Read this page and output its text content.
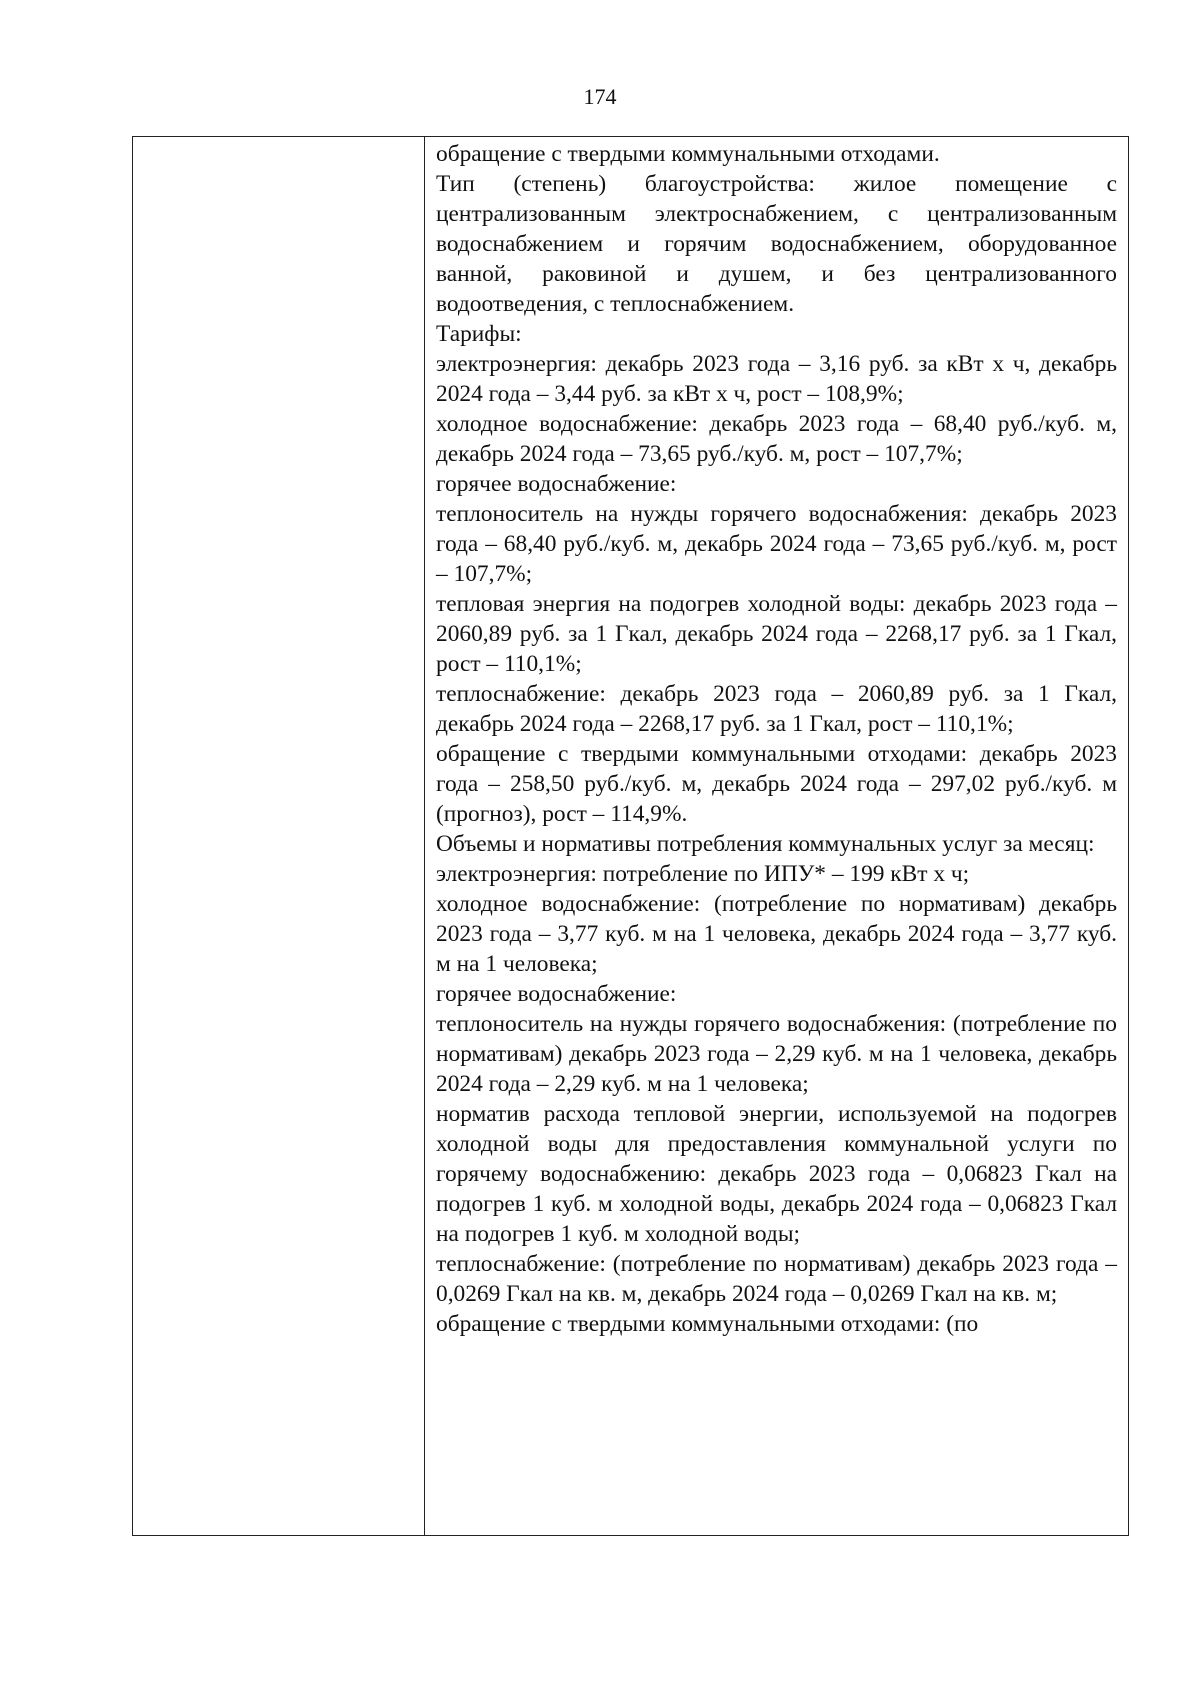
174

обращение с твердыми коммунальными отходами.

Тип (степень) благоустройства: жилое помещение с централизованным электроснабжением, с централизованным водоснабжением и горячим водоснабжением, оборудованное ванной, раковиной и душем, и без централизованного водоотведения, с теплоснабжением.

Тарифы:

электроэнергия: декабрь 2023 года – 3,16 руб. за кВт х ч, декабрь 2024 года – 3,44 руб. за кВт х ч, рост – 108,9%;

холодное водоснабжение: декабрь 2023 года – 68,40 руб./куб. м, декабрь 2024 года – 73,65 руб./куб. м, рост – 107,7%;

горячее водоснабжение:

теплоноситель на нужды горячего водоснабжения: декабрь 2023 года – 68,40 руб./куб. м, декабрь 2024 года – 73,65 руб./куб. м, рост – 107,7%;

тепловая энергия на подогрев холодной воды: декабрь 2023 года – 2060,89 руб. за 1 Гкал, декабрь 2024 года – 2268,17 руб. за 1 Гкал, рост – 110,1%;

теплоснабжение: декабрь 2023 года – 2060,89 руб. за 1 Гкал, декабрь 2024 года – 2268,17 руб. за 1 Гкал, рост – 110,1%;

обращение с твердыми коммунальными отходами: декабрь 2023 года – 258,50 руб./куб. м, декабрь 2024 года – 297,02 руб./куб. м (прогноз), рост – 114,9%.

Объемы и нормативы потребления коммунальных услуг за месяц:

электроэнергия: потребление по ИПУ* – 199 кВт х ч;

холодное водоснабжение: (потребление по нормативам) декабрь 2023 года – 3,77 куб. м на 1 человека, декабрь 2024 года – 3,77 куб. м на 1 человека;

горячее водоснабжение:

теплоноситель на нужды горячего водоснабжения: (потребление по нормативам) декабрь 2023 года – 2,29 куб. м на 1 человека, декабрь 2024 года – 2,29 куб. м на 1 человека;

норматив расхода тепловой энергии, используемой на подогрев холодной воды для предоставления коммунальной услуги по горячему водоснабжению: декабрь 2023 года – 0,06823 Гкал на подогрев 1 куб. м холодной воды, декабрь 2024 года – 0,06823 Гкал на подогрев 1 куб. м холодной воды;

теплоснабжение: (потребление по нормативам) декабрь 2023 года – 0,0269 Гкал на кв. м, декабрь 2024 года – 0,0269 Гкал на кв. м;

обращение с твердыми коммунальными отходами: (по
